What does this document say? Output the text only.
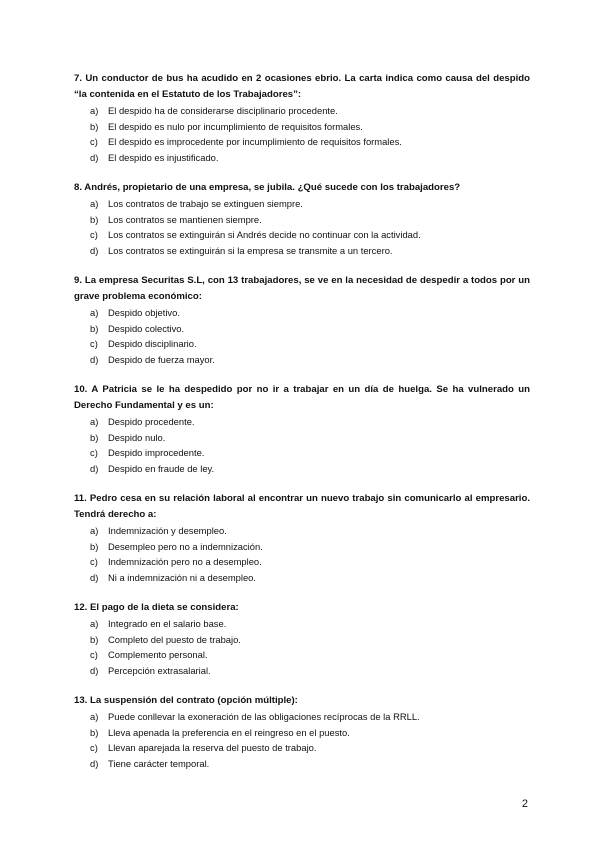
7. Un conductor de bus ha acudido en 2 ocasiones ebrio. La carta indica como causa del despido “la contenida en el Estatuto de los Trabajadores”:

a) El despido ha de considerarse disciplinario procedente.
b) El despido es nulo por incumplimiento de requisitos formales.
c) El despido es improcedente por incumplimiento de requisitos formales.
d) El despido es injustificado.

8. Andrés, propietario de una empresa, se jubila. ¿Qué sucede con los trabajadores?

a) Los contratos de trabajo se extinguen siempre.
b) Los contratos se mantienen siempre.
c) Los contratos se extinguirán si Andrés decide no continuar con la actividad.
d) Los contratos se extinguirán si la empresa se transmite a un tercero.

9. La empresa Securitas S.L, con 13 trabajadores, se ve en la necesidad de despedir a todos por un grave problema económico:

a) Despido objetivo.
b) Despido colectivo.
c) Despido disciplinario.
d) Despido de fuerza mayor.

10. A Patricia se le ha despedido por no ir a trabajar en un día de huelga. Se ha vulnerado un Derecho Fundamental y es un:

a) Despido procedente.
b) Despido nulo.
c) Despido improcedente.
d) Despido en fraude de ley.

11. Pedro cesa en su relación laboral al encontrar un nuevo trabajo sin comunicarlo al empresario. Tendrá derecho a:

a) Indemnización y desempleo.
b) Desempleo pero no a indemnización.
c) Indemnización pero no a desempleo.
d) Ni a indemnización ni a desempleo.

12. El pago de la dieta se considera:

a) Integrado en el salario base.
b) Completo del puesto de trabajo.
c) Complemento personal.
d) Percepción extrasalarial.

13. La suspensión del contrato (opción múltiple):

a) Puede conllevar la exoneración de las obligaciones recíprocas de la RRLL.
b) Lleva apenada la preferencia en el reingreso en el puesto.
c) Llevan aparejada la reserva del puesto de trabajo.
d) Tiene carácter temporal.
2
